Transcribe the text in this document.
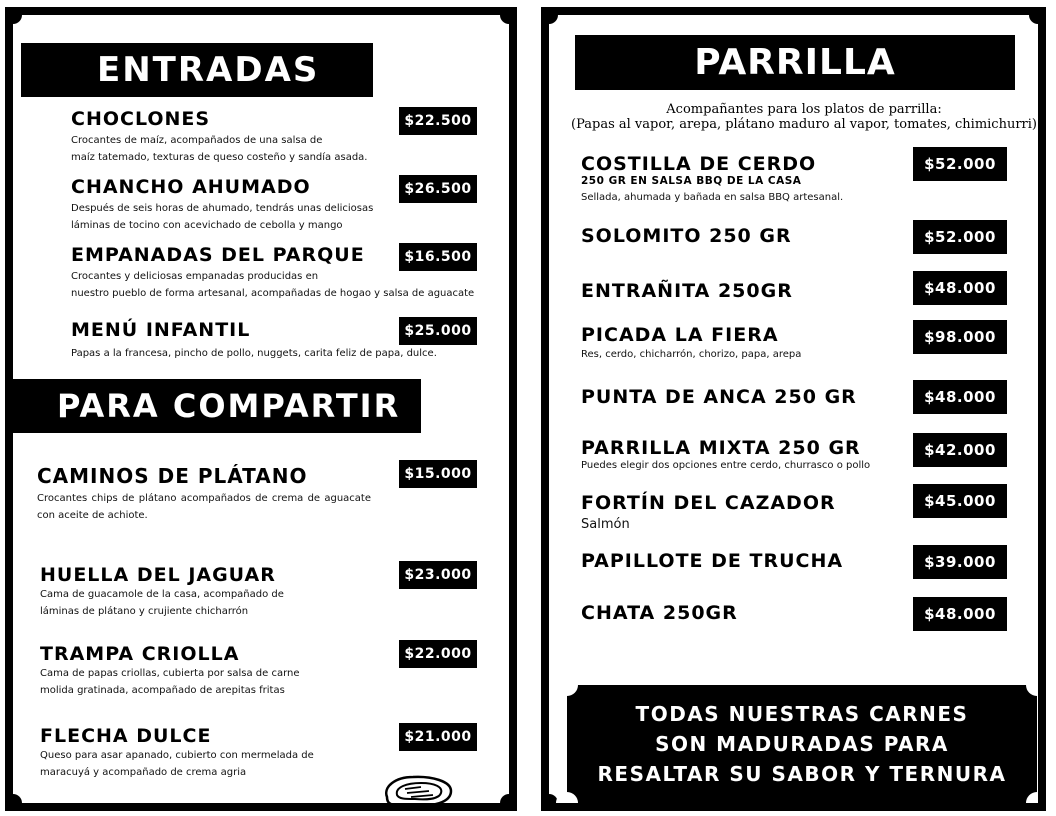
ENTRADAS
CHOCLONES
Crocantes de maíz, acompañados de una salsa de
maíz tatemado, texturas de queso costeño y sandía asada.
$22.500
CHANCHO AHUMADO
Después de seis horas de ahumado, tendrás unas deliciosas
láminas de tocino con acevichado de cebolla y mango
$26.500
EMPANADAS DEL PARQUE
Crocantes y deliciosas empanadas producidas en
nuestro pueblo de forma artesanal, acompañadas de hogao y salsa de aguacate
$16.500
MENÚ INFANTIL
Papas a la francesa, pincho de pollo, nuggets, carita feliz de papa, dulce.
$25.000
PARA COMPARTIR
CAMINOS DE PLÁTANO
Crocantes chips de plátano acompañados de crema de aguacate con aceite de achiote.
$15.000
HUELLA DEL JAGUAR
Cama de guacamole de la casa, acompañado de
láminas de plátano y crujiente chicharrón
$23.000
TRAMPA CRIOLLA
Cama de papas criollas, cubierta por salsa de carne
molida gratinada, acompañado de arepitas fritas
$22.000
FLECHA DULCE
Queso para asar apanado, cubierto con mermelada de
maracuyá y acompañado de crema agria
$21.000
PARRILLA
Acompañantes para los platos de parrilla:
(Papas al vapor, arepa, plátano maduro al vapor, tomates, chimichurri)
COSTILLA DE CERDO
250 GR EN SALSA BBQ DE LA CASA
Sellada, ahumada y bañada en salsa BBQ artesanal.
$52.000
SOLOMITO 250 GR	$52.000
ENTRAÑITA 250GR	$48.000
PICADA LA FIERA
Res, cerdo, chicharrón, chorizo, papa, arepa
$98.000
PUNTA DE ANCA 250 GR	$48.000
PARRILLA MIXTA 250 GR
Puedes elegir dos opciones entre cerdo, churrasco o pollo
$42.000
FORTÍN DEL CAZADOR
Salmón
$45.000
PAPILLOTE DE TRUCHA	$39.000
CHATA 250GR	$48.000
TODAS NUESTRAS CARNES
SON MADURADAS PARA
RESALTAR SU SABOR Y TERNURA
